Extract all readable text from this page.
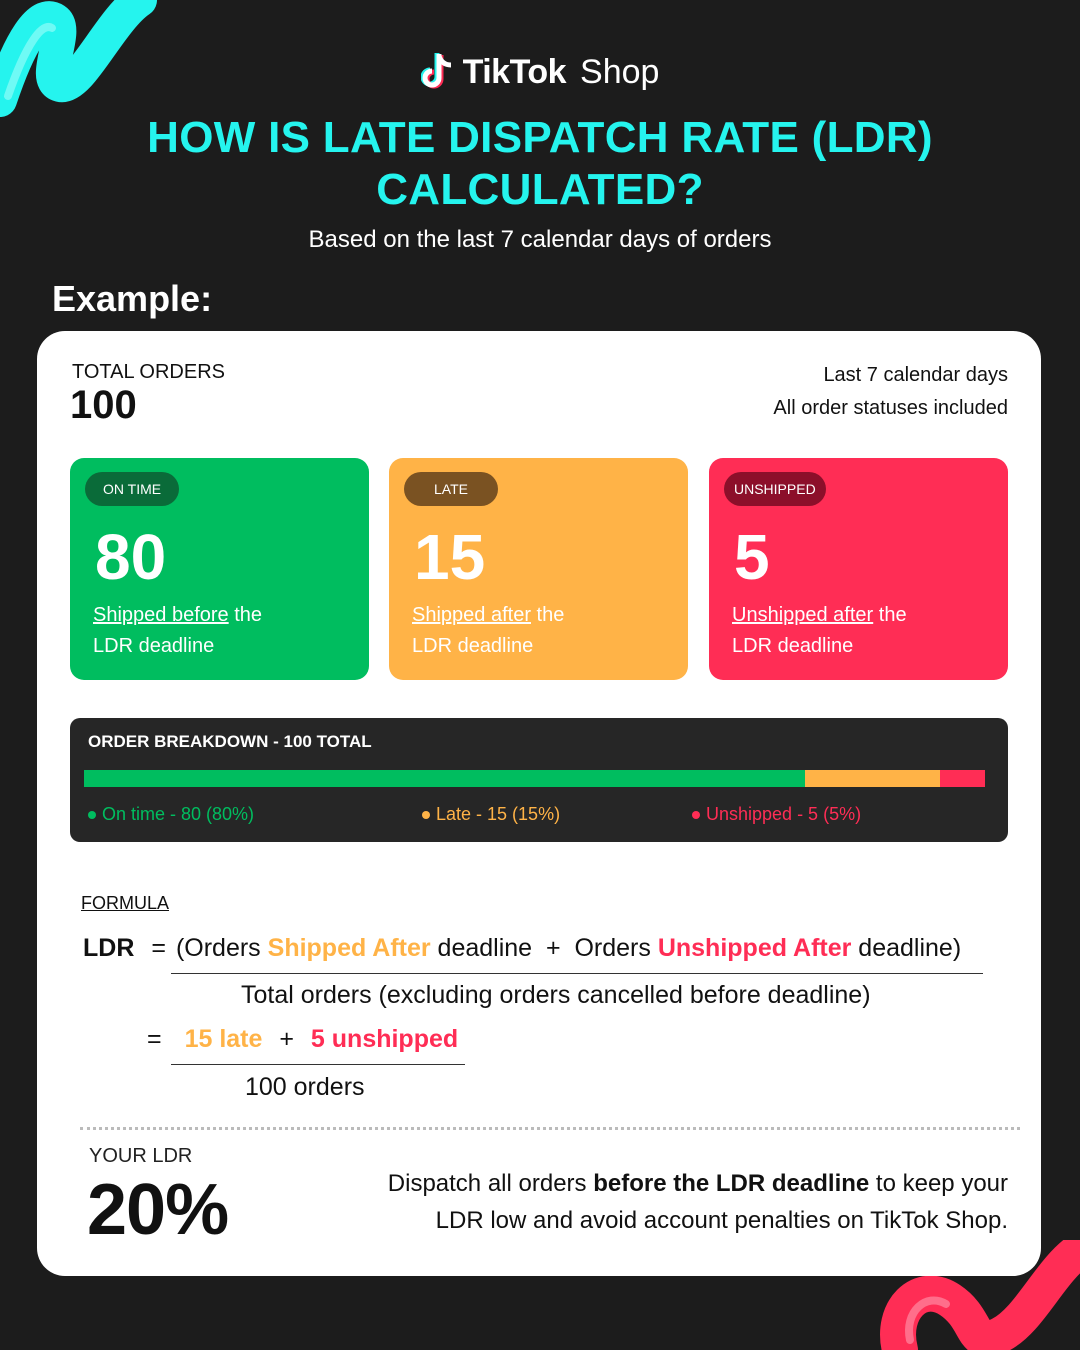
TikTok Shop
HOW IS LATE DISPATCH RATE (LDR)
CALCULATED?
Based on the last 7 calendar days of orders
Example:
TOTAL ORDERS
100
Last 7 calendar days
All order statuses included
ON TIME
80
Shipped before the
LDR deadline
LATE
15
Shipped after the
LDR deadline
UNSHIPPED
5
Unshipped after the
LDR deadline
ORDER BREAKDOWN - 100 TOTAL
On time - 80 (80%)	Late - 15 (15%)	Unshipped - 5 (5%)
FORMULA
LDR = (Orders Shipped After deadline  +  Orders Unshipped After deadline)
Total orders (excluding orders cancelled before deadline)
= 15 late + 5 unshipped
100 orders
YOUR LDR
20%	Dispatch all orders before the LDR deadline to keep your LDR low and avoid account penalties on TikTok Shop.
